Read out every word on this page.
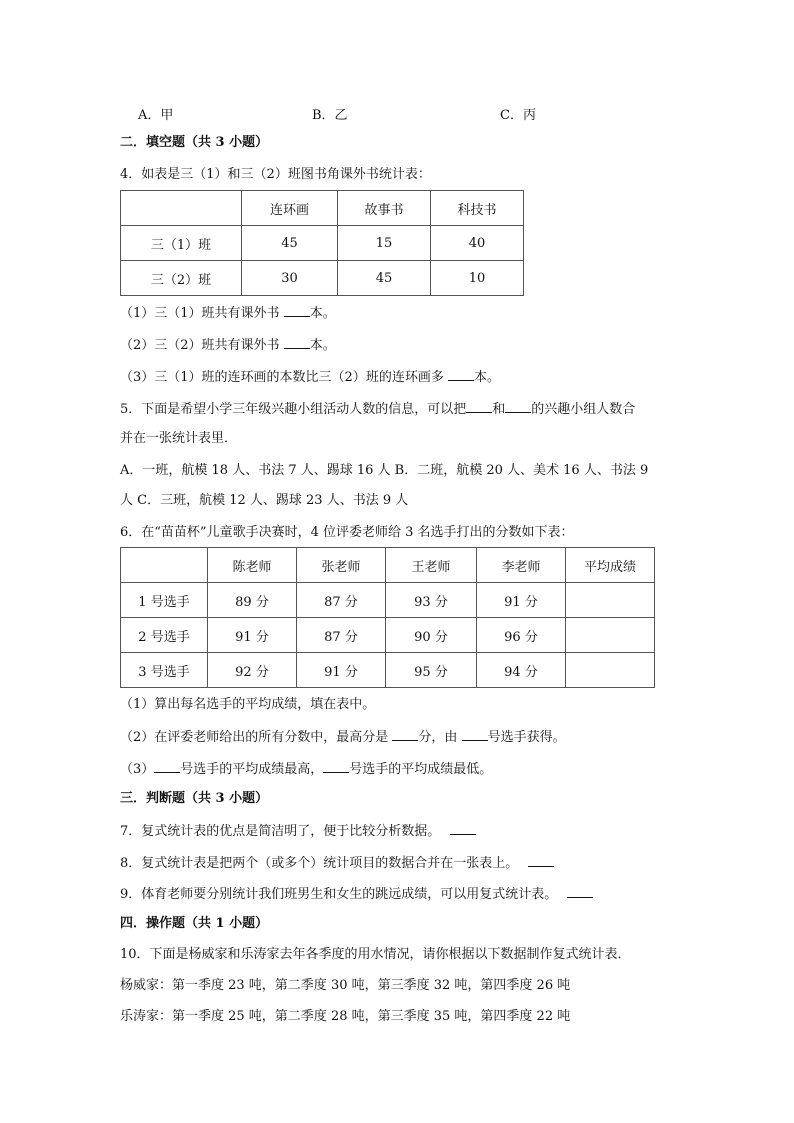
A．甲	B．乙	C．丙
二．填空题（共 3 小题）
4．如表是三（1）和三（2）班图书角课外书统计表：
	连环画	故事书	科技书
三（1）班	45	15	40
三（2）班	30	45	10
（1）三（1）班共有课外书 本。
（2）三（2）班共有课外书 本。
（3）三（1）班的连环画的本数比三（2）班的连环画多 本。
5．下面是希望小学三年级兴趣小组活动人数的信息，可以把 和 的兴趣小组人数合
并在一张统计表里．
A．一班，航模 18 人、书法 7 人、踢球 16 人 B．二班，航模 20 人、美术 16 人、书法 9
人 C．三班，航模 12 人、踢球 23 人、书法 9 人
6．在“苗苗杯”儿童歌手决赛时，4 位评委老师给 3 名选手打出的分数如下表：
	陈老师	张老师	王老师	李老师	平均成绩
1 号选手	89 分	87 分	93 分	91 分	
2 号选手	91 分	87 分	90 分	96 分	
3 号选手	92 分	91 分	95 分	94 分	
（1）算出每名选手的平均成绩，填在表中。
（2）在评委老师给出的所有分数中，最高分是 分，由 号选手获得。
（3） 号选手的平均成绩最高， 号选手的平均成绩最低。
三．判断题（共 3 小题）
7．复式统计表的优点是简洁明了，便于比较分析数据。
8．复式统计表是把两个（或多个）统计项目的数据合并在一张表上。
9．体育老师要分别统计我们班男生和女生的跳远成绩，可以用复式统计表。
四．操作题（共 1 小题）
10．下面是杨威家和乐涛家去年各季度的用水情况，请你根据以下数据制作复式统计表．
杨威家：第一季度 23 吨，第二季度 30 吨，第三季度 32 吨，第四季度 26 吨
乐涛家：第一季度 25 吨，第二季度 28 吨，第三季度 35 吨，第四季度 22 吨
